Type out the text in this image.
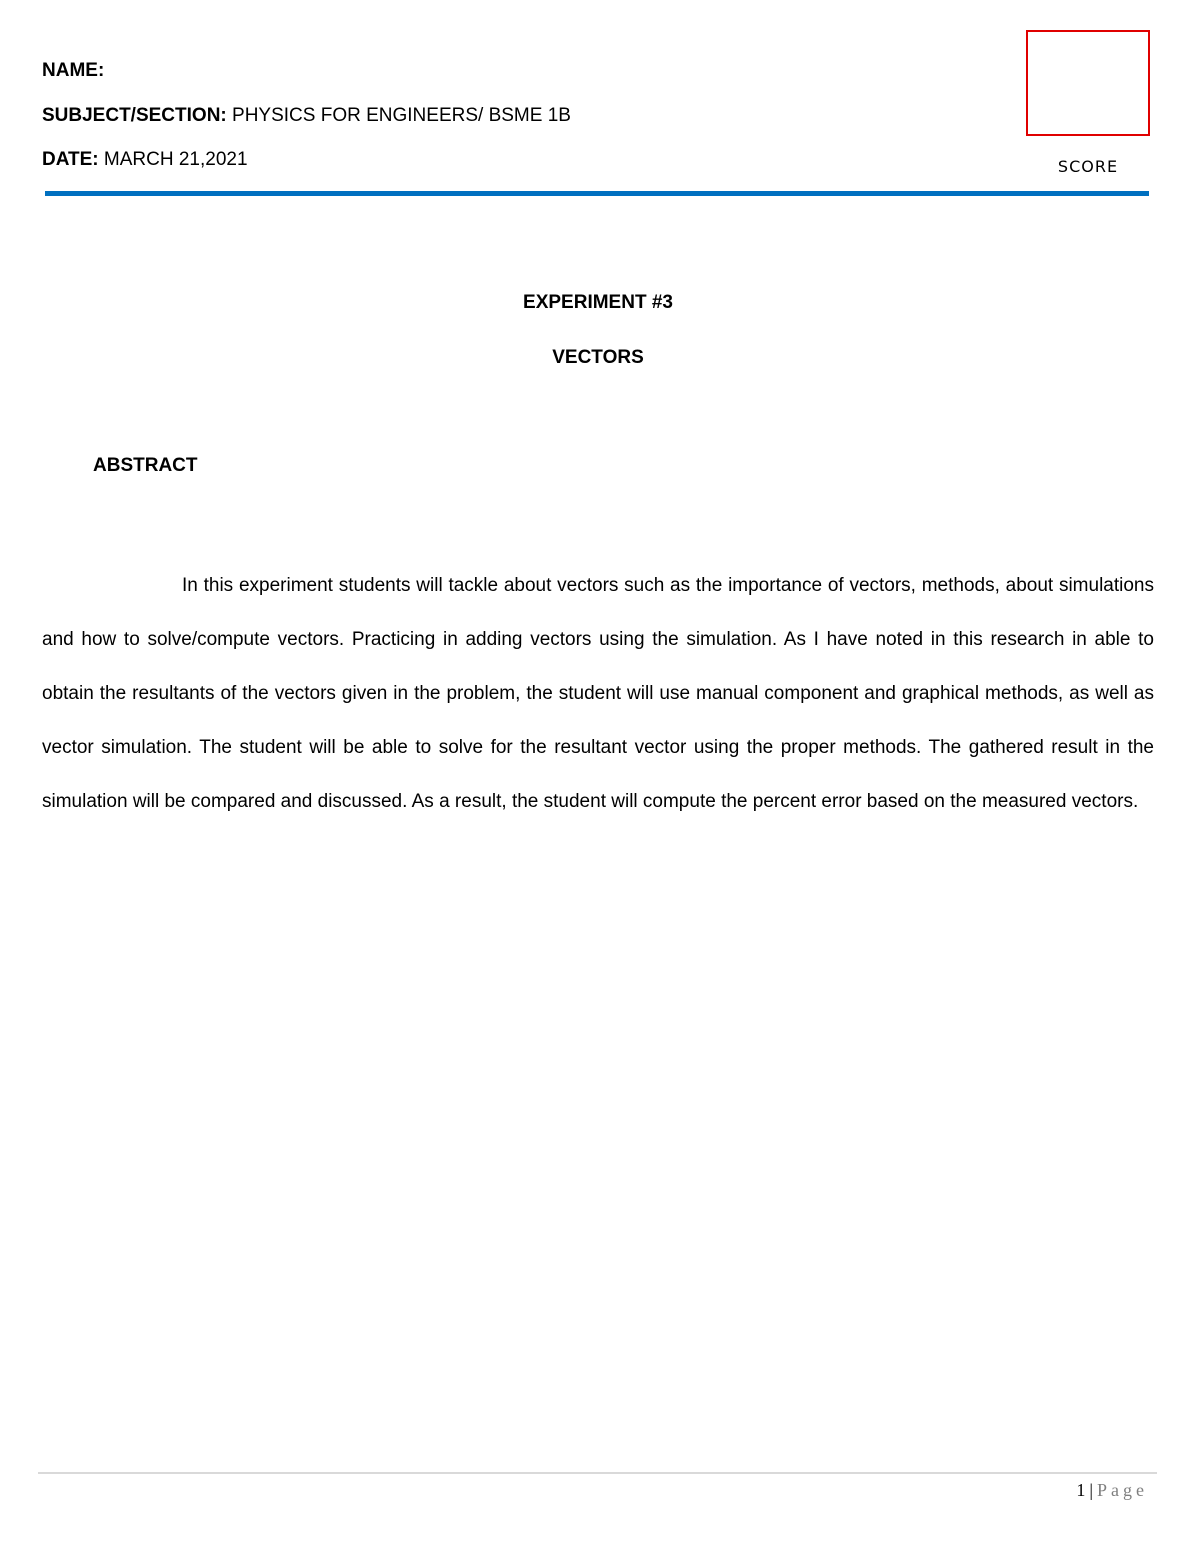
NAME:
SUBJECT/SECTION: PHYSICS FOR ENGINEERS/ BSME 1B
DATE: MARCH 21,2021	SCORE
EXPERIMENT #3
VECTORS
ABSTRACT

In this experiment students will tackle about vectors such as the importance of vectors, methods, about simulations and how to solve/compute vectors. Practicing in adding vectors using the simulation. As I have noted in this research in able to obtain the resultants of the vectors given in the problem, the student will use manual component and graphical methods, as well as vector simulation. The student will be able to solve for the resultant vector using the proper methods. The gathered result in the simulation will be compared and discussed. As a result, the student will compute the percent error based on the measured vectors.

1 | Page
